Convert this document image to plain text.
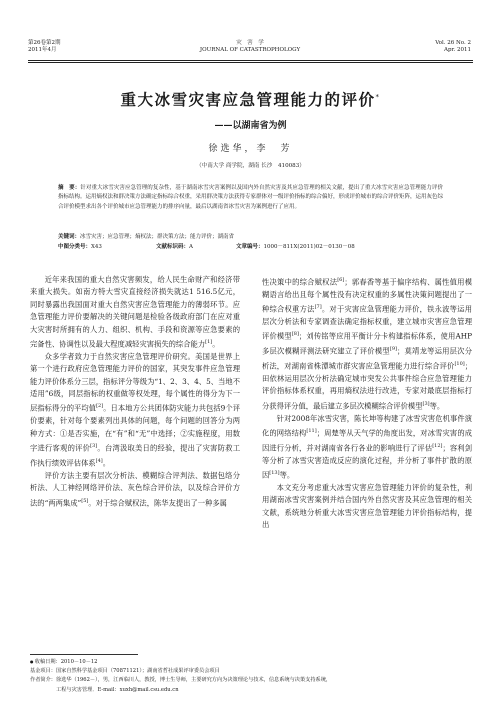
第26卷第2期
2011年4月
灾　害　学
JOURNAL OF CATASTROPHOLOGY
Vol. 26 No. 2
Apr. 2011
重大冰雪灾害应急管理能力的评价*
——以湖南省为例
徐选华，李　芳
（中南大学 商学院，湖南 长沙　410083）
摘　要：针对重大冰雪灾害应急管理的复杂性，基于湖南冰雪灾害案例以及国内外自然灾害及其应急管理的相关文献，提出了重大冰雪灾害应急管理能力评价指标结构。运用熵权法和群决策方法确定指标综合权重，采用群决策方法获得专家群体对一级评价指标的综合偏好，形成评价城市的综合评价矩阵，运用灰色综合评价模型求出各个评价城市应急管理能力的排序向量，最后以湖南省冰雪灾害为案例进行了应用。
关键词：冰雪灾害；应急管理；熵权法；群决策方法；能力评价；湖南省
中图分类号：X43	文献标识码：A	文章编号：1000－811X(2011)02－0130－08

近年来我国的重大自然灾害频发，给人民生命财产和经济带来重大损失。如南方特大雪灾直接经济损失就达1 516.5亿元，同时暴露出我国面对重大自然灾害应急管理能力的薄弱环节。应急管理能力评价要解决的关键问题是检验各级政府部门在应对重大灾害时所拥有的人力、组织、机构、手段和资源等应急要素的完备性、协调性以及最大程度减轻灾害损失的综合能力[1]。

众多学者致力于自然灾害应急管理评价研究。美国是世界上第一个进行政府应急管理能力评价的国家，其突发事件应急管理能力评价体系分三层，指标评分等级为“1、2、3、4、5、当地不适用”6级，同层指标的权重做等权处理，每个属性的得分为下一层指标得分的平均值[2]。日本地方公共团体防灾能力共包括9个评价要素，针对每个要素列出具体的问题，每个问题的回答分为两种方式：①是否实施，在“有”和“无”中选择；②实施程度，用数字进行客观的评价[3]。台湾汲取美日的经验，提出了灾害防救工作执行绩效评估体系[4]。

评价方法主要有层次分析法、模糊综合评判法、数据包络分析法、人工神经网络评价法、灰色综合评价法，以及综合评价方法的“两两集成”[5]。对于综合赋权法，陈华友提出了一种多属

性决策中的综合赋权法[6]；郭春香等基于偏序结构、属性值用模糊语言给出且每个属性没有决定权重的多属性决策问题提出了一种综合权重方法[7]。对于灾害应急管理能力评价，铁永波等运用层次分析法和专家调查法确定指标权重，建立城市灾害应急管理评价模型[8]；刘传铭等应用平衡计分卡构建指标体系，使用AHP多层次模糊评测法研究建立了评价模型[9]；莫靖龙等运用层次分析法，对湖南省株潭城市群灾害应急管理能力进行综合评价[10]；田依林运用层次分析法确定城市突发公共事件综合应急管理能力评价指标体系权重，再用熵权法进行改进，专家对最底层指标打分获得评分值，最后建立多层次模糊综合评价模型[3]等。

针对2008年冰雪灾害，陈长坤等构建了冰雪灾害危机事件演化的网络结构[11]；周楚等从天气学的角度出发，对冰雪灾害的成因进行分析，并对湖南省各行各业的影响进行了评估[12]；容利剑等分析了冰雪灾害造成反应的演化过程，并分析了事件扩散的原因[13]等。

本文充分考虑重大冰雪灾害应急管理能力评价的复杂性，利用湖南冰雪灾害案例并结合国内外自然灾害及其应急管理的相关文献，系统地分析重大冰雪灾害应急管理能力评价指标结构，提出

● 收稿日期：2010－10－12
基金项目：国家自然科学基金项目（70871121）；湖南省哲社成果评审委员会项目
作者简介：徐选华（1962－），男，江西临川人，教授，博士生导师，主要研究方向为决策理论与技术，信息系统与决策支持系统，
工程与灾害管理．E-mail：xuxh@mail.csu.edu.cn
